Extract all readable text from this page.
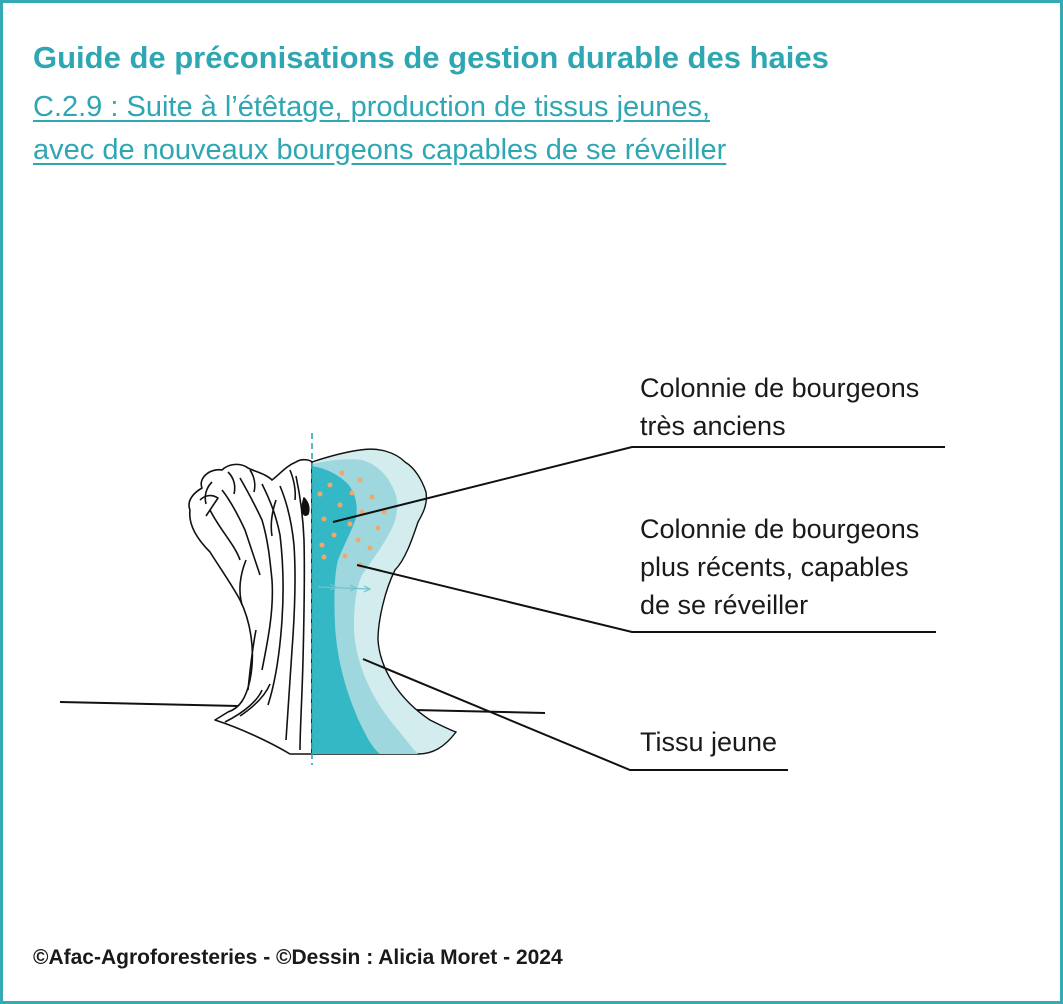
Guide de préconisations de gestion durable des haies

C.2.9 : Suite à l’étêtage, production de tissus jeunes,
avec de nouveaux bourgeons capables de se réveiller

Colonnie de bourgeons
très anciens
Colonnie de bourgeons
plus récents, capables
de se réveiller
Tissu jeune
©Afac-Agroforesteries - ©Dessin : Alicia Moret - 2024
